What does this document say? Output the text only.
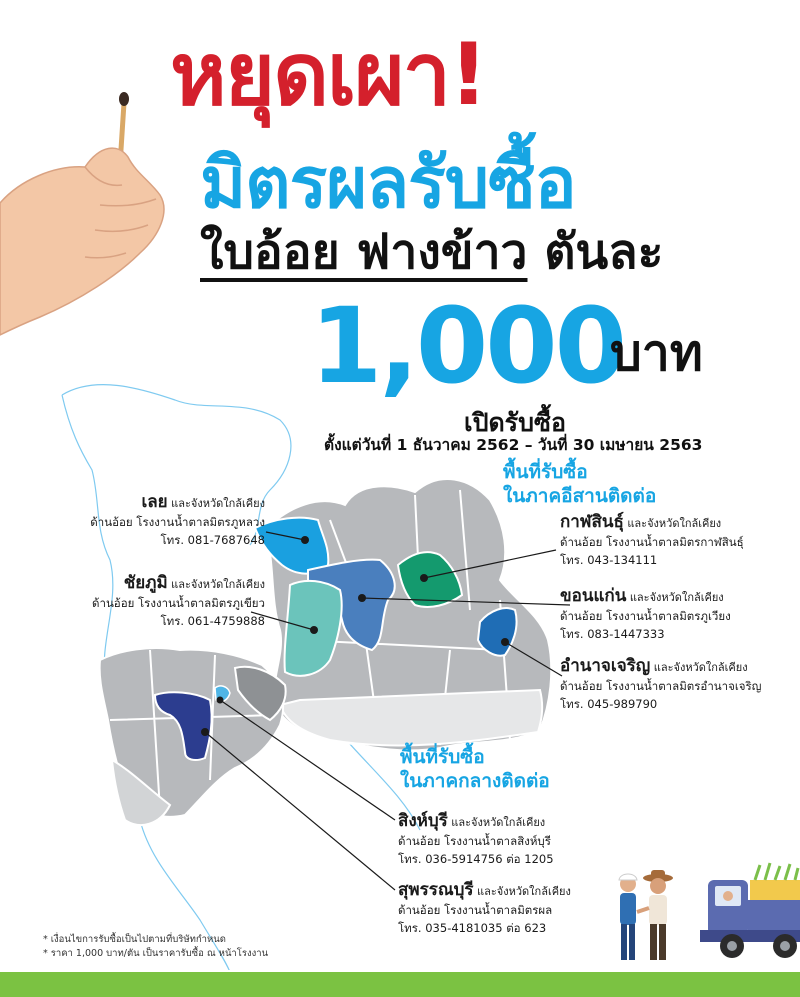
หยุดเผา!
มิตรผลรับซื้อ
ใบอ้อย ฟางข้าว ตันละ
1,000
บาท
เปิดรับซื้อ
ตั้งแต่วันที่ 1 ธันวาคม 2562 – วันที่ 30 เมษายน 2563
พื้นที่รับซื้อ
ในภาคอีสานติดต่อ
พื้นที่รับซื้อ
ในภาคกลางติดต่อ
เลย และจังหวัดใกล้เคียง
ด้านอ้อย โรงงานน้ำตาลมิตรภูหลวง
โทร. 081-7687648
ชัยภูมิ และจังหวัดใกล้เคียง
ด้านอ้อย โรงงานน้ำตาลมิตรภูเขียว
โทร. 061-4759888
กาฬสินธุ์ และจังหวัดใกล้เคียง
ด้านอ้อย โรงงานน้ำตาลมิตรกาฬสินธุ์
โทร. 043-134111
ขอนแก่น และจังหวัดใกล้เคียง
ด้านอ้อย โรงงานน้ำตาลมิตรภูเวียง
โทร. 083-1447333
อำนาจเจริญ และจังหวัดใกล้เคียง
ด้านอ้อย โรงงานน้ำตาลมิตรอำนาจเจริญ
โทร. 045-989790
สิงห์บุรี และจังหวัดใกล้เคียง
ด้านอ้อย โรงงานน้ำตาลสิงห์บุรี
โทร. 036-5914756 ต่อ 1205
สุพรรณบุรี และจังหวัดใกล้เคียง
ด้านอ้อย โรงงานน้ำตาลมิตรผล
โทร. 035-4181035 ต่อ 623
* เงื่อนไขการรับซื้อเป็นไปตามที่บริษัทกำหนด
* ราคา 1,000 บาท/ตัน เป็นราคารับซื้อ ณ หน้าโรงงาน
